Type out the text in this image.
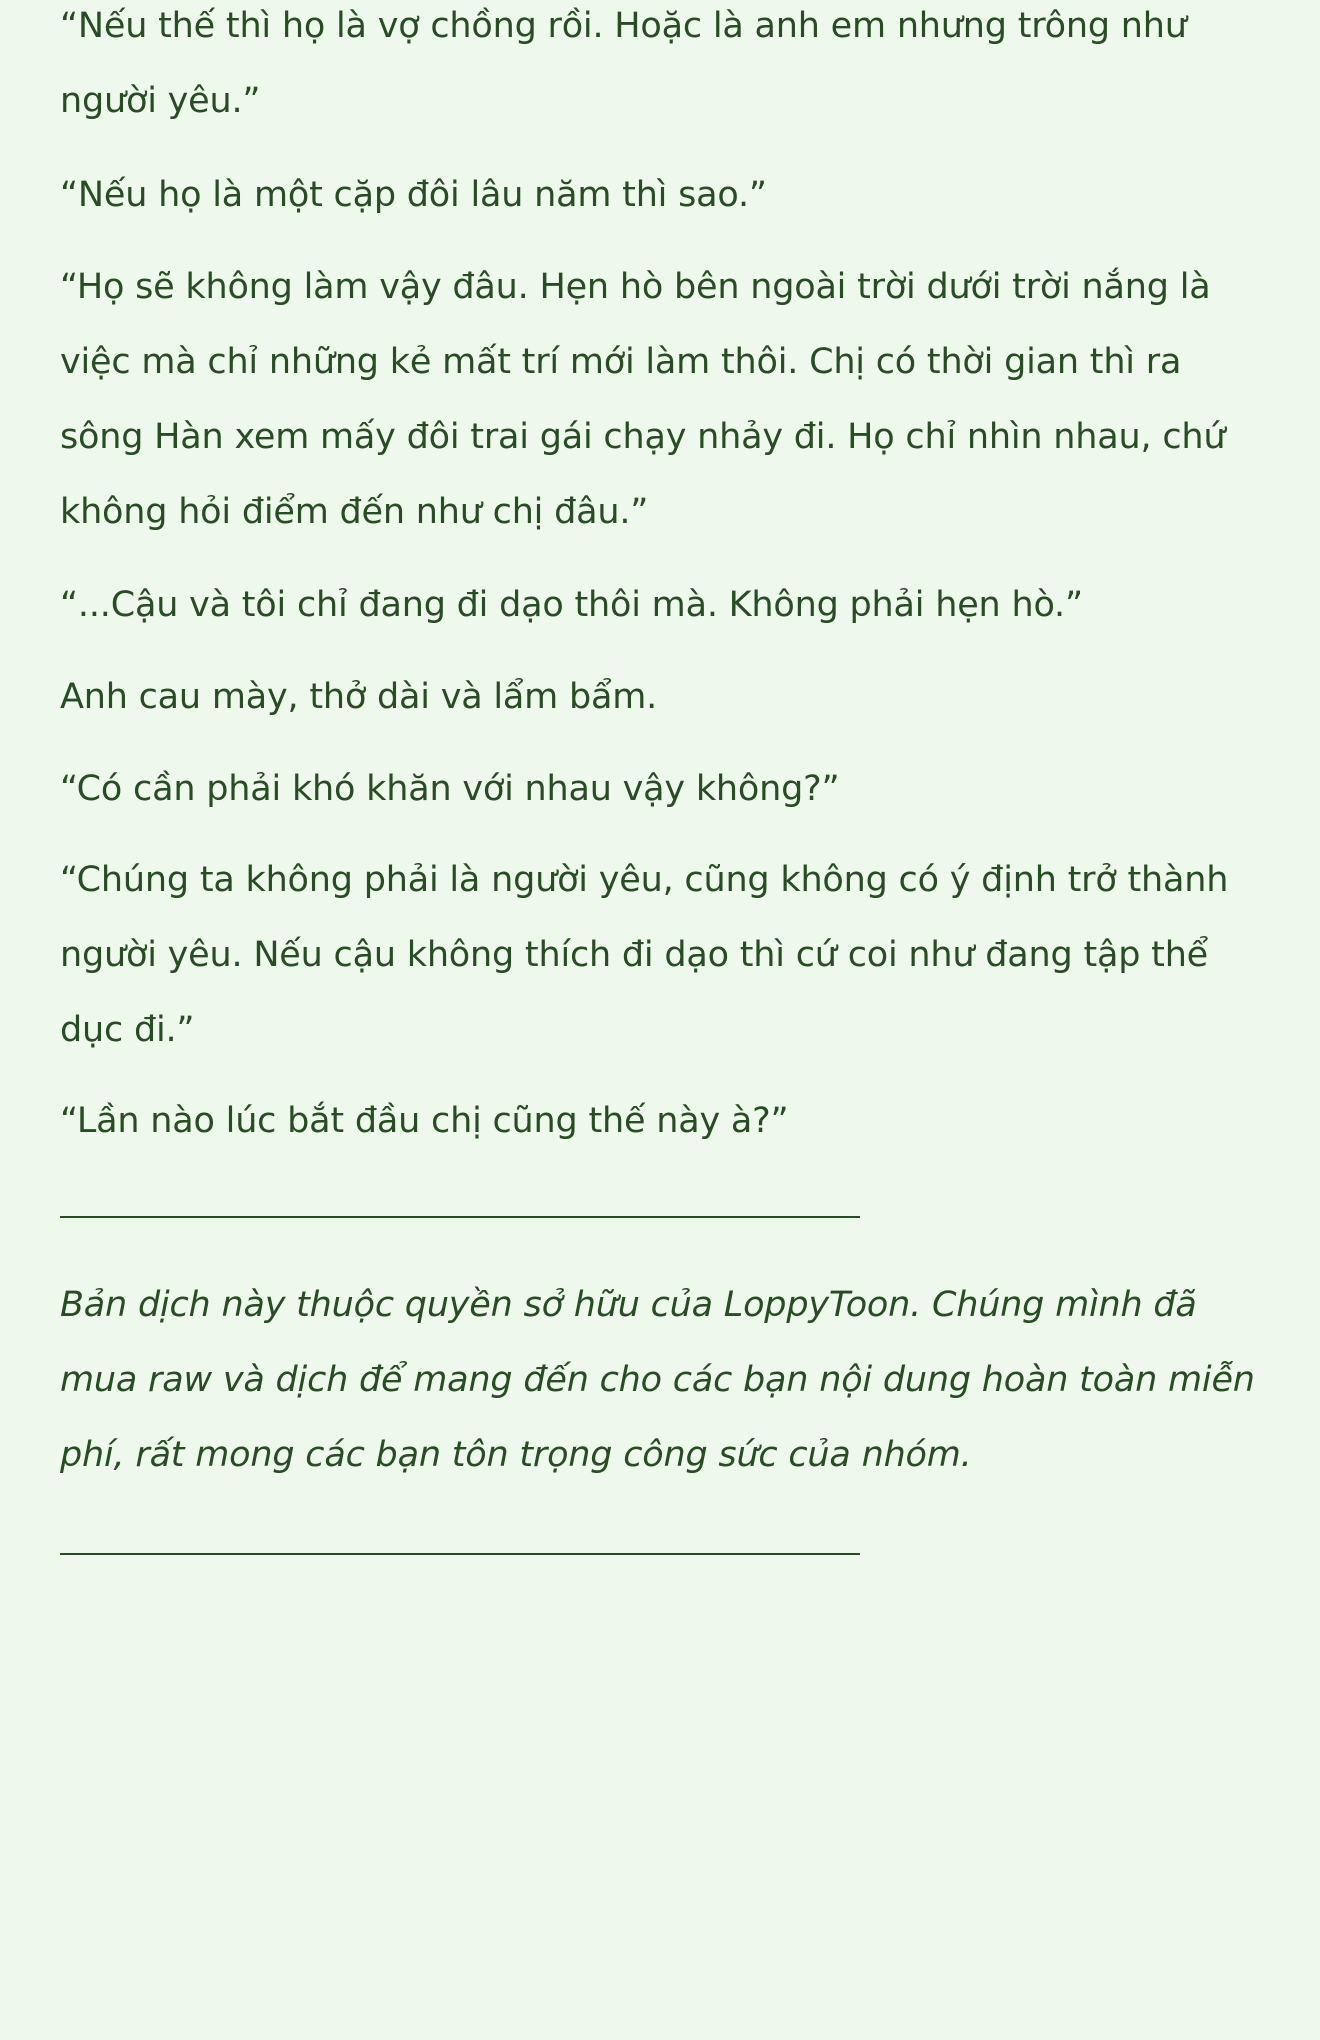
“Nếu thế thì họ là vợ chồng rồi. Hoặc là anh em nhưng trông như người yêu.”

“Nếu họ là một cặp đôi lâu năm thì sao.”

“Họ sẽ không làm vậy đâu. Hẹn hò bên ngoài trời dưới trời nắng là việc mà chỉ những kẻ mất trí mới làm thôi. Chị có thời gian thì ra sông Hàn xem mấy đôi trai gái chạy nhảy đi. Họ chỉ nhìn nhau, chứ không hỏi điểm đến như chị đâu.”

“...Cậu và tôi chỉ đang đi dạo thôi mà. Không phải hẹn hò.”

Anh cau mày, thở dài và lẩm bẩm.

“Có cần phải khó khăn với nhau vậy không?”

“Chúng ta không phải là người yêu, cũng không có ý định trở thành người yêu. Nếu cậu không thích đi dạo thì cứ coi như đang tập thể dục đi.”

“Lần nào lúc bắt đầu chị cũng thế này à?”

Bản dịch này thuộc quyền sở hữu của LoppyToon. Chúng mình đã mua raw và dịch để mang đến cho các bạn nội dung hoàn toàn miễn phí, rất mong các bạn tôn trọng công sức của nhóm.
